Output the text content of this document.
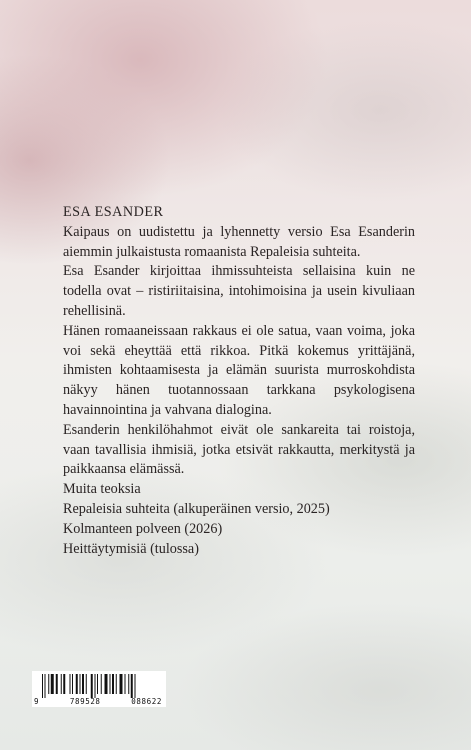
ESA ESANDER

Kaipaus on uudistettu ja lyhennetty versio Esa Esanderin aiemmin julkaistusta romaanista Repaleisia suhteita.

Esa Esander kirjoittaa ihmissuhteista sellaisina kuin ne todella ovat – ristiriitaisina, intohimoisina ja usein kivuliaan rehellisinä.

Hänen romaaneissaan rakkaus ei ole satua, vaan voima, joka voi sekä eheyttää että rikkoa. Pitkä kokemus yrittäjänä, ihmisten kohtaamisesta ja elämän suurista murroskohdista näkyy hänen tuotannossaan tarkkana psykologisena havainnointina ja vahvana dialogina.

Esanderin henkilöhahmot eivät ole sankareita tai roistoja, vaan tavallisia ihmisiä, jotka etsivät rakkautta, merkitystä ja paikkaansa elämässä.

Muita teoksia

Repaleisia suhteita (alkuperäinen versio, 2025)
Kolmanteen polveen (2026)
Heittäytymisiä (tulossa)
9	789528	088622
